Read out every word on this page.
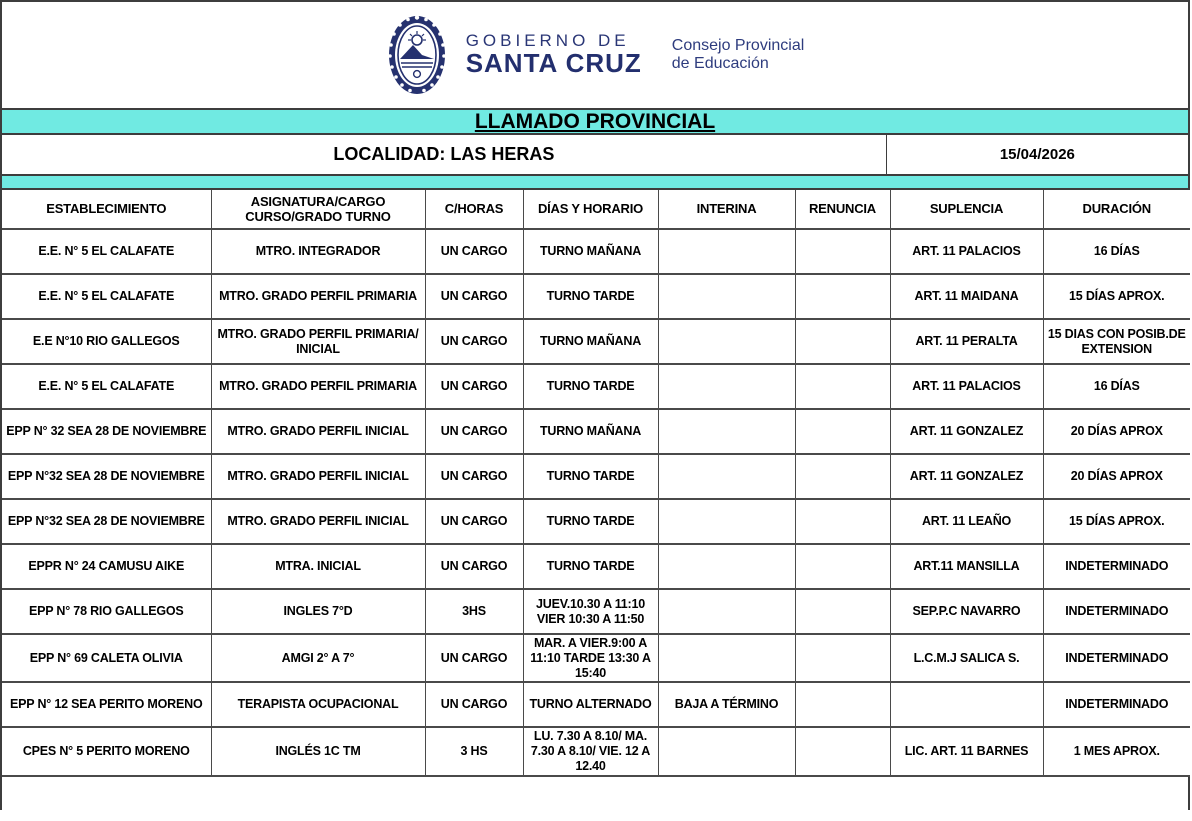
GOBIERNO DE
SANTA CRUZ
Consejo Provincial
de Educación
LLAMADO PROVINCIAL
LOCALIDAD: LAS HERAS	15/04/2026
ESTABLECIMIENTO	ASIGNATURA/CARGO CURSO/GRADO TURNO	C/HORAS	DÍAS Y HORARIO	INTERINA	RENUNCIA	SUPLENCIA	DURACIÓN
E.E. N° 5 EL CALAFATE	MTRO. INTEGRADOR	UN CARGO	TURNO MAÑANA			ART. 11 PALACIOS	16 DÍAS
E.E. N° 5 EL CALAFATE	MTRO. GRADO PERFIL PRIMARIA	UN CARGO	TURNO TARDE			ART. 11 MAIDANA	15 DÍAS APROX.
E.E N°10 RIO GALLEGOS	MTRO. GRADO PERFIL PRIMARIA/ INICIAL	UN CARGO	TURNO MAÑANA			ART. 11 PERALTA	15 DIAS CON POSIB.DE EXTENSION
E.E. N° 5 EL CALAFATE	MTRO. GRADO PERFIL PRIMARIA	UN CARGO	TURNO TARDE			ART. 11 PALACIOS	16 DÍAS
EPP N° 32 SEA 28 DE NOVIEMBRE	MTRO. GRADO PERFIL INICIAL	UN CARGO	TURNO MAÑANA			ART. 11 GONZALEZ	20 DÍAS APROX
EPP N°32 SEA 28 DE NOVIEMBRE	MTRO. GRADO PERFIL INICIAL	UN CARGO	TURNO TARDE			ART. 11 GONZALEZ	20 DÍAS APROX
EPP N°32 SEA 28 DE NOVIEMBRE	MTRO. GRADO PERFIL INICIAL	UN CARGO	TURNO TARDE			ART. 11 LEAÑO	15 DÍAS APROX.
EPPR N° 24 CAMUSU AIKE	MTRA. INICIAL	UN CARGO	TURNO TARDE			ART.11 MANSILLA	INDETERMINADO
EPP N° 78 RIO GALLEGOS	INGLES 7°D	3HS	JUEV.10.30 A 11:10 VIER 10:30 A 11:50			SEP.P.C NAVARRO	INDETERMINADO
EPP N° 69 CALETA OLIVIA	AMGI 2° A 7°	UN CARGO	MAR. A VIER.9:00 A 11:10 TARDE 13:30 A 15:40			L.C.M.J SALICA S.	INDETERMINADO
EPP N° 12 SEA PERITO MORENO	TERAPISTA OCUPACIONAL	UN CARGO	TURNO ALTERNADO	BAJA A TÉRMINO			INDETERMINADO
CPES N° 5 PERITO MORENO	INGLÉS 1C TM	3 HS	LU. 7.30 A 8.10/ MA. 7.30 A 8.10/ VIE. 12 A 12.40			LIC. ART. 11 BARNES	1 MES APROX.
